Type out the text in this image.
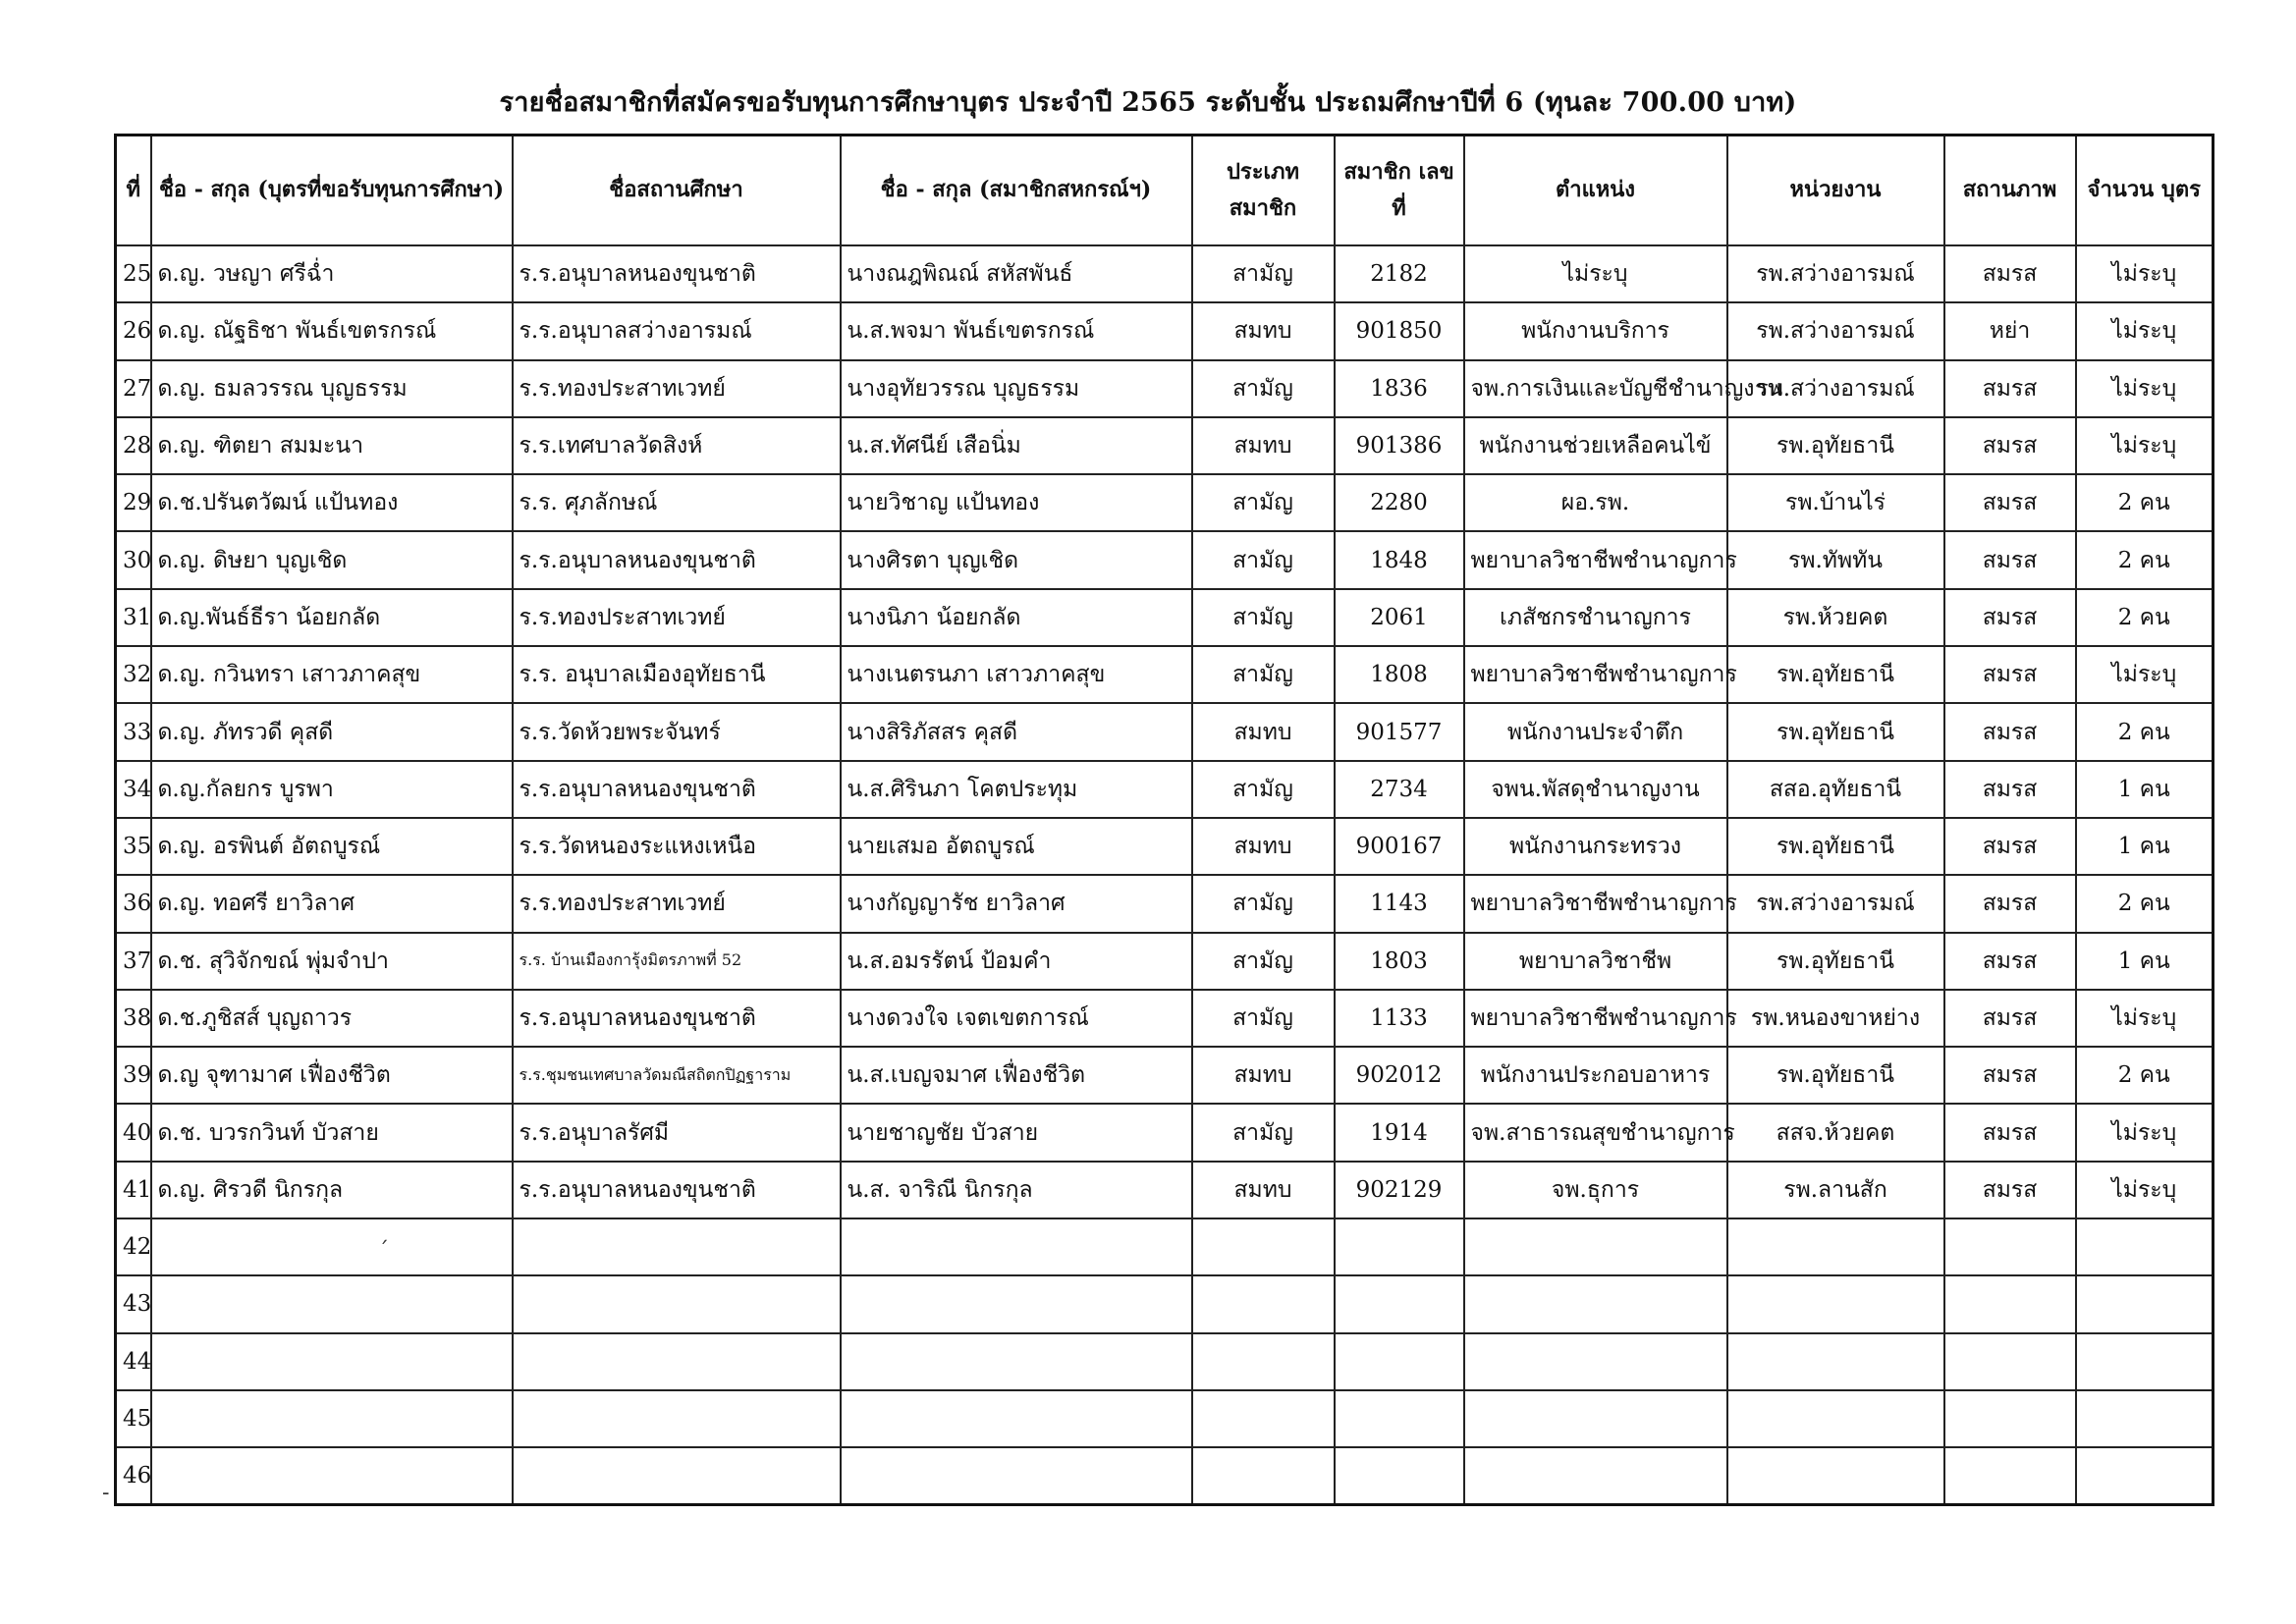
รายชื่อสมาชิกที่สมัครขอรับทุนการศึกษาบุตร ประจำปี 2565 ระดับชั้น ประถมศึกษาปีที่ 6 (ทุนละ 700.00 บาท)
ที่	ชื่อ - สกุล (บุตรที่ขอรับทุนการศึกษา)	ชื่อสถานศึกษา	ชื่อ - สกุล (สมาชิกสหกรณ์ฯ)	ประเภท สมาชิก	สมาชิก เลขที่	ตำแหน่ง	หน่วยงาน	สถานภาพ	จำนวน บุตร
25	ด.ญ. วษญา ศรีฉ่ำ	ร.ร.อนุบาลหนองขุนชาติ	นางณฎพิณณ์ สหัสพันธ์	สามัญ	2182	ไม่ระบุ	รพ.สว่างอารมณ์	สมรส	ไม่ระบุ
26	ด.ญ. ณัฐธิชา พันธ์เขตรกรณ์	ร.ร.อนุบาลสว่างอารมณ์	น.ส.พจมา พันธ์เขตรกรณ์	สมทบ	901850	พนักงานบริการ	รพ.สว่างอารมณ์	หย่า	ไม่ระบุ
27	ด.ญ. ธมลวรรณ บุญธรรม	ร.ร.ทองประสาทเวทย์	นางอุทัยวรรณ บุญธรรม	สามัญ	1836	จพ.การเงินและบัญชีชำนาญงาน	รพ.สว่างอารมณ์	สมรส	ไม่ระบุ
28	ด.ญ. ฑิตยา สมมะนา	ร.ร.เทศบาลวัดสิงห์	น.ส.ทัศนีย์ เสือนิ่ม	สมทบ	901386	พนักงานช่วยเหลือคนไข้	รพ.อุทัยธานี	สมรส	ไม่ระบุ
29	ด.ช.ปรันตวัฒน์ แป้นทอง	ร.ร. ศุภลักษณ์	นายวิชาญ แป้นทอง	สามัญ	2280	ผอ.รพ.	รพ.บ้านไร่	สมรส	2 คน
30	ด.ญ. ดิษยา บุญเชิด	ร.ร.อนุบาลหนองขุนชาติ	นางศิรตา บุญเชิด	สามัญ	1848	พยาบาลวิชาชีพชำนาญการ	รพ.ทัพทัน	สมรส	2 คน
31	ด.ญ.พันธ์ธีรา น้อยกลัด	ร.ร.ทองประสาทเวทย์	นางนิภา น้อยกลัด	สามัญ	2061	เภสัชกรชำนาญการ	รพ.ห้วยคต	สมรส	2 คน
32	ด.ญ. กวินทรา เสาวภาคสุข	ร.ร. อนุบาลเมืองอุทัยธานี	นางเนตรนภา เสาวภาคสุข	สามัญ	1808	พยาบาลวิชาชีพชำนาญการ	รพ.อุทัยธานี	สมรส	ไม่ระบุ
33	ด.ญ. ภัทรวดี คุสดี	ร.ร.วัดห้วยพระจันทร์	นางสิริภัสสร คุสดี	สมทบ	901577	พนักงานประจำตึก	รพ.อุทัยธานี	สมรส	2 คน
34	ด.ญ.กัลยกร บูรพา	ร.ร.อนุบาลหนองขุนชาติ	น.ส.ศิรินภา โคตประทุม	สามัญ	2734	จพน.พัสดุชำนาญงาน	สสอ.อุทัยธานี	สมรส	1 คน
35	ด.ญ. อรพินต์ อัตถบูรณ์	ร.ร.วัดหนองระแหงเหนือ	นายเสมอ อัตถบูรณ์	สมทบ	900167	พนักงานกระทรวง	รพ.อุทัยธานี	สมรส	1 คน
36	ด.ญ. ทอศรี ยาวิลาศ	ร.ร.ทองประสาทเวทย์	นางกัญญารัช ยาวิลาศ	สามัญ	1143	พยาบาลวิชาชีพชำนาญการ	รพ.สว่างอารมณ์	สมรส	2 คน
37	ด.ช. สุวิจักขณ์ พุ่มจำปา	ร.ร. บ้านเมืองการุ้งมิตรภาพที่ 52	น.ส.อมรรัตน์ ป้อมคำ	สามัญ	1803	พยาบาลวิชาชีพ	รพ.อุทัยธานี	สมรส	1 คน
38	ด.ช.ภูชิสส์ บุญถาวร	ร.ร.อนุบาลหนองขุนชาติ	นางดวงใจ เจตเขตการณ์	สามัญ	1133	พยาบาลวิชาชีพชำนาญการ	รพ.หนองขาหย่าง	สมรส	ไม่ระบุ
39	ด.ญ จุฑามาศ เฟื่องชีวิต	ร.ร.ชุมชนเทศบาลวัดมณีสถิตกปิฏฐาราม	น.ส.เบญจมาศ เฟื่องชีวิต	สมทบ	902012	พนักงานประกอบอาหาร	รพ.อุทัยธานี	สมรส	2 คน
40	ด.ช. บวรกวินท์ บัวสาย	ร.ร.อนุบาลรัศมี	นายชาญชัย บัวสาย	สามัญ	1914	จพ.สาธารณสุขชำนาญการ	สสจ.ห้วยคต	สมรส	ไม่ระบุ
41	ด.ญ. ศิรวดี นิกรกุล	ร.ร.อนุบาลหนองขุนชาติ	น.ส. จาริณี นิกรกุล	สมทบ	902129	จพ.ธุการ	รพ.ลานสัก	สมรส	ไม่ระบุ
42									
43									
44									
45									
46									
ˊ
-
